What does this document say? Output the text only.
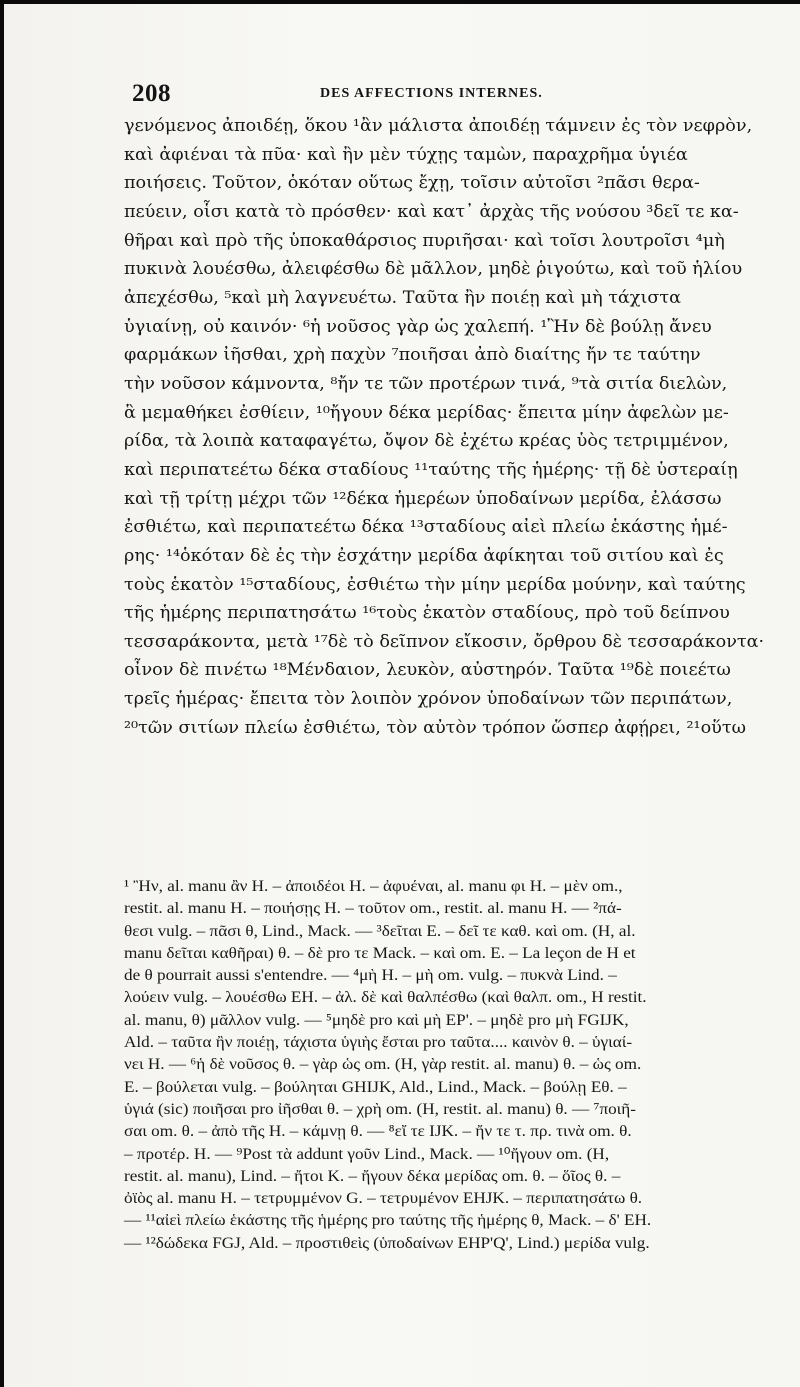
208	DES AFFECTIONS INTERNES.
γενόμενος ἀποιδέῃ, ὅκου ¹ἂν μάλιστα ἀποιδέῃ τάμνειν ἐς τὸν νεφρὸν,
καὶ ἀφιέναι τὰ πῦα· καὶ ἢν μὲν τύχῃς ταμὼν, παραχρῆμα ὑγιέα
ποιήσεις. Τοῦτον, ὁκόταν οὕτως ἔχῃ, τοῖσιν αὐτοῖσι ²πᾶσι θερα-
πεύειν, οἷσι κατὰ τὸ πρόσθεν· καὶ κατ᾽ ἀρχὰς τῆς νούσου ³δεῖ τε κα-
θῆραι καὶ πρὸ τῆς ὑποκαθάρσιος πυριῆσαι· καὶ τοῖσι λουτροῖσι ⁴μὴ
πυκινὰ λουέσθω, ἀλειφέσθω δὲ μᾶλλον, μηδὲ ῥιγούτω, καὶ τοῦ ἡλίου
ἀπεχέσθω, ⁵καὶ μὴ λαγνευέτω. Ταῦτα ἢν ποιέῃ καὶ μὴ τάχιστα
ὑγιαίνῃ, οὐ καινόν· ⁶ἡ νοῦσος γὰρ ὡς χαλεπή. ¹Ἢν δὲ βούλῃ ἄνευ
φαρμάκων ἰῆσθαι, χρὴ παχὺν ⁷ποιῆσαι ἀπὸ διαίτης ἤν τε ταύτην
τὴν νοῦσον κάμνοντα, ⁸ἤν τε τῶν προτέρων τινά, ⁹τὰ σιτία διελὼν,
ἃ μεμαθήκει ἐσθίειν, ¹⁰ἤγουν δέκα μερίδας· ἔπειτα μίην ἀφελὼν με-
ρίδα, τὰ λοιπὰ καταφαγέτω, ὄψον δὲ ἐχέτω κρέας ὑὸς τετριμμένον,
καὶ περιπατεέτω δέκα σταδίους ¹¹ταύτης τῆς ἡμέρης· τῇ δὲ ὑστεραίῃ
καὶ τῇ τρίτῃ μέχρι τῶν ¹²δέκα ἡμερέων ὑποδαίνων μερίδα, ἐλάσσω
ἐσθιέτω, καὶ περιπατεέτω δέκα ¹³σταδίους αἰεὶ πλείω ἑκάστης ἡμέ-
ρης· ¹⁴ὁκόταν δὲ ἐς τὴν ἐσχάτην μερίδα ἀφίκηται τοῦ σιτίου καὶ ἐς
τοὺς ἑκατὸν ¹⁵σταδίους, ἐσθιέτω τὴν μίην μερίδα μούνην, καὶ ταύτης
τῆς ἡμέρης περιπατησάτω ¹⁶τοὺς ἑκατὸν σταδίους, πρὸ τοῦ δείπνου
τεσσαράκοντα, μετὰ ¹⁷δὲ τὸ δεῖπνον εἴκοσιν, ὄρθρου δὲ τεσσαράκοντα·
οἶνον δὲ πινέτω ¹⁸Μένδαιον, λευκὸν, αὐστηρόν. Ταῦτα ¹⁹δὲ ποιεέτω
τρεῖς ἡμέρας· ἔπειτα τὸν λοιπὸν χρόνον ὑποδαίνων τῶν περιπάτων,
²⁰τῶν σιτίων πλείω ἐσθιέτω, τὸν αὐτὸν τρόπον ὥσπερ ἀφῄρει, ²¹οὕτω
¹ Ἢν, al. manu ἂν H. – ἀποιδέοι H. – ἀφυέναι, al. manu φι H. – μὲν om.,
restit. al. manu H. – ποιήσῃς H. – τοῦτον om., restit. al. manu H. — ²πά-
θεσι vulg. – πᾶσι θ, Lind., Mack. — ³δεῖται E. – δεῖ τε καθ. καὶ om. (H, al.
manu δεῖται καθῆραι) θ. – δὲ pro τε Mack. – καὶ om. E. – La leçon de H et
de θ pourrait aussi s'entendre. — ⁴μὴ H. – μὴ om. vulg. – πυκνὰ Lind. –
λούειν vulg. – λουέσθω EH. – ἀλ. δὲ καὶ θαλπέσθω (καὶ θαλπ. om., H restit.
al. manu, θ) μᾶλλον vulg. — ⁵μηδὲ pro καὶ μὴ EP'. – μηδὲ pro μὴ FGIJK,
Ald. – ταῦτα ἢν ποιέῃ, τάχιστα ὑγιὴς ἔσται pro ταῦτα.... καινὸν θ. – ὑγιαί-
νει H. — ⁶ἡ δὲ νοῦσος θ. – γὰρ ὡς om. (H, γὰρ restit. al. manu) θ. – ὡς om.
E. – βούλεται vulg. – βούληται GHIJK, Ald., Lind., Mack. – βούλῃ Eθ. –
ὑγιά (sic) ποιῆσαι pro ἰῆσθαι θ. – χρὴ om. (H, restit. al. manu) θ. — ⁷ποιῆ-
σαι om. θ. – ἀπὸ τῆς H. – κάμνῃ θ. — ⁸εἴ τε IJK. – ἤν τε τ. πρ. τινὰ om. θ.
– προτέρ. H. — ⁹Post τὰ addunt γοῦν Lind., Mack. — ¹⁰ἤγουν om. (H,
restit. al. manu), Lind. – ἤτοι K. – ἤγουν δέκα μερίδας om. θ. – ὅῖος θ. –
ὀϊὸς al. manu H. – τετρυμμένον G. – τετρυμένον EHJK. – περιπατησάτω θ.
— ¹¹αἰεὶ πλείω ἑκάστης τῆς ἡμέρης pro ταύτης τῆς ἡμέρης θ, Mack. – δ' EH.
— ¹²δώδεκα FGJ, Ald. – προστιθεὶς (ὑποδαίνων EHP'Q', Lind.) μερίδα vulg.
